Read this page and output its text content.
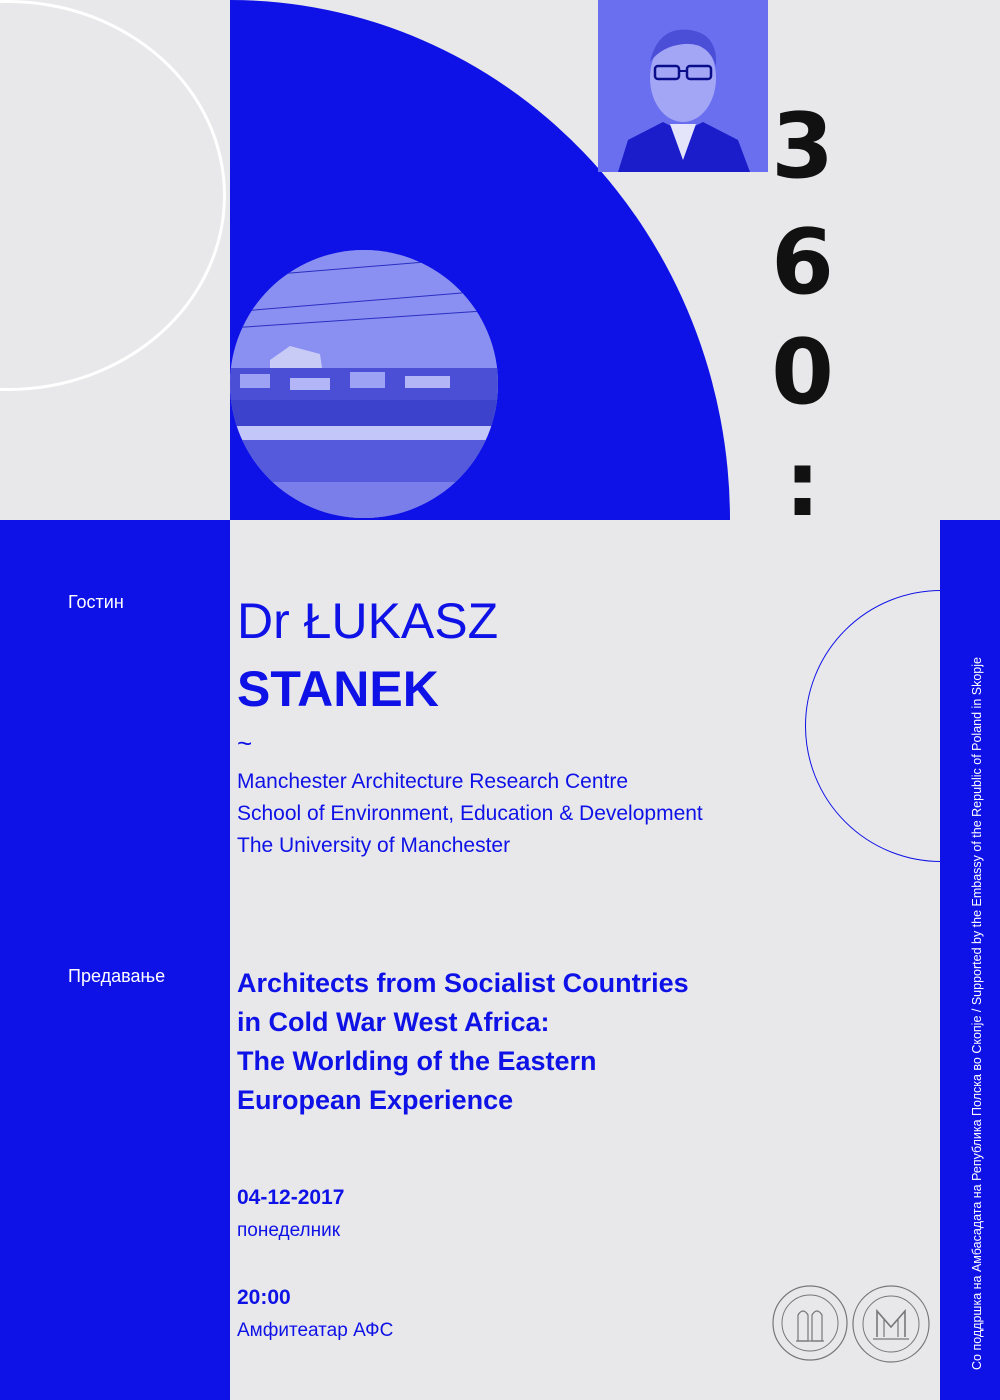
3
6
0
:
Гостин
Предавање
Dr ŁUKASZ
STANEK
~
Manchester Architecture Research Centre
School of Environment, Education & Development
The University of Manchester
Architects from Socialist Countries
in Cold War West Africa:
The Worlding of the Eastern
European Experience
04-12-2017
понеделник
20:00
Амфитеатар АФС	Со поддршка на Амбасадата на Република Полска во Скопје / Supported by the Embassy of the Republic of Poland in Skopje
